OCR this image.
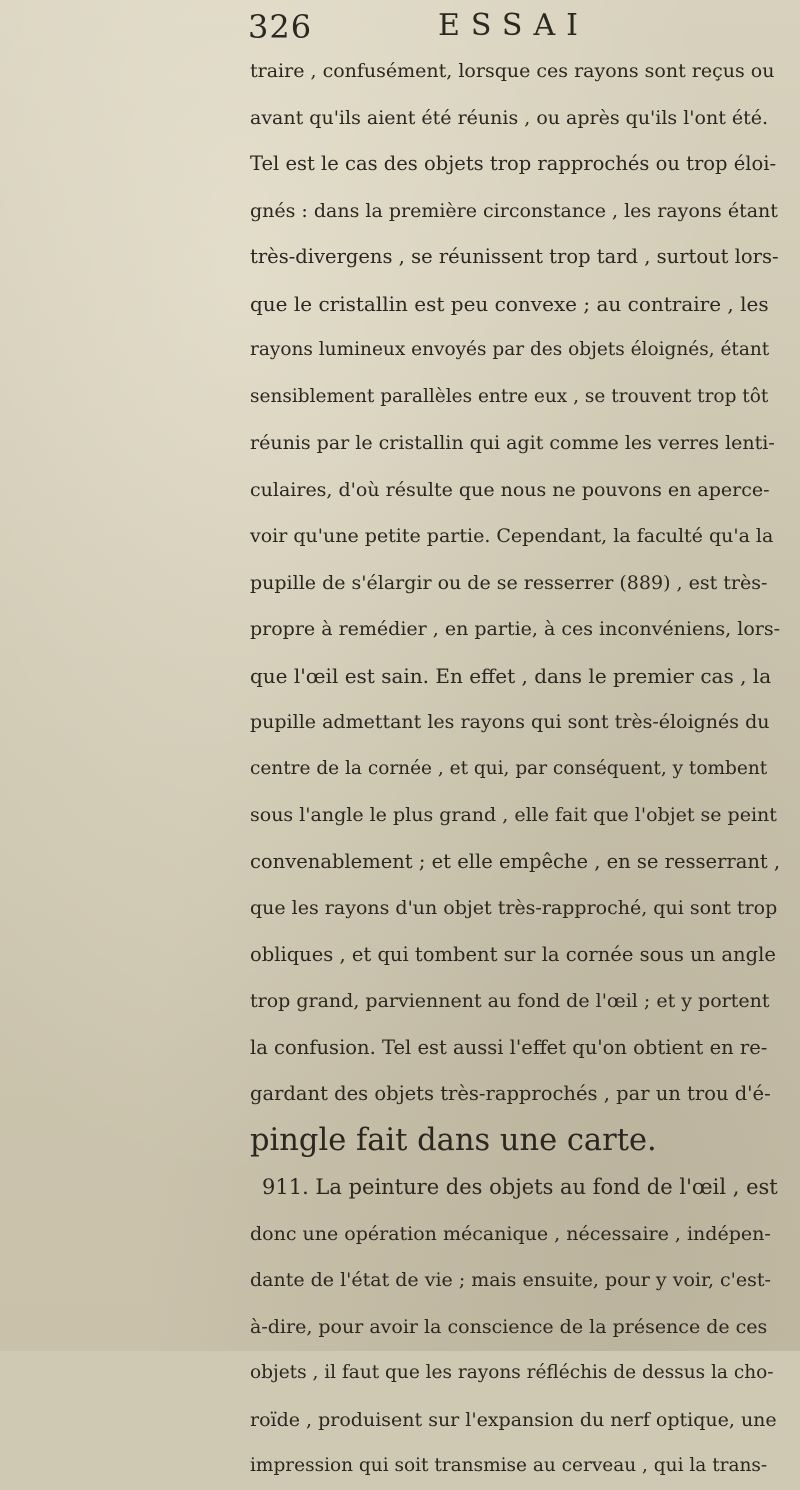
326	ESSAI
traire , confusément, lorsque ces rayons sont reçus ou
avant qu'ils aient été réunis , ou après qu'ils l'ont été.
Tel est le cas des objets trop rapprochés ou trop éloi-
gnés : dans la première circonstance , les rayons étant
très-divergens , se réunissent trop tard , surtout lors-
que le cristallin est peu convexe ; au contraire , les
rayons lumineux envoyés par des objets éloignés, étant
sensiblement parallèles entre eux , se trouvent trop tôt
réunis par le cristallin qui agit comme les verres lenti-
culaires, d'où résulte que nous ne pouvons en aperce-
voir qu'une petite partie. Cependant, la faculté qu'a la
pupille de s'élargir ou de se resserrer (889) , est très-
propre à remédier , en partie, à ces inconvéniens, lors-
que l'œil est sain. En effet , dans le premier cas , la
pupille admettant les rayons qui sont très-éloignés du
centre de la cornée , et qui, par conséquent, y tombent
sous l'angle le plus grand , elle fait que l'objet se peint
convenablement ; et elle empêche , en se resserrant ,
que les rayons d'un objet très-rapproché, qui sont trop
obliques , et qui tombent sur la cornée sous un angle
trop grand, parviennent au fond de l'œil ; et y portent
la confusion. Tel est aussi l'effet qu'on obtient en re-
gardant des objets très-rapprochés , par un trou d'é-
pingle fait dans une carte.
911. La peinture des objets au fond de l'œil , est
donc une opération mécanique , nécessaire , indépen-
dante de l'état de vie ; mais ensuite, pour y voir, c'est-
à-dire, pour avoir la conscience de la présence de ces
objets , il faut que les rayons réfléchis de dessus la cho-
roïde , produisent sur l'expansion du nerf optique, une
impression qui soit transmise au cerveau , qui la trans-
